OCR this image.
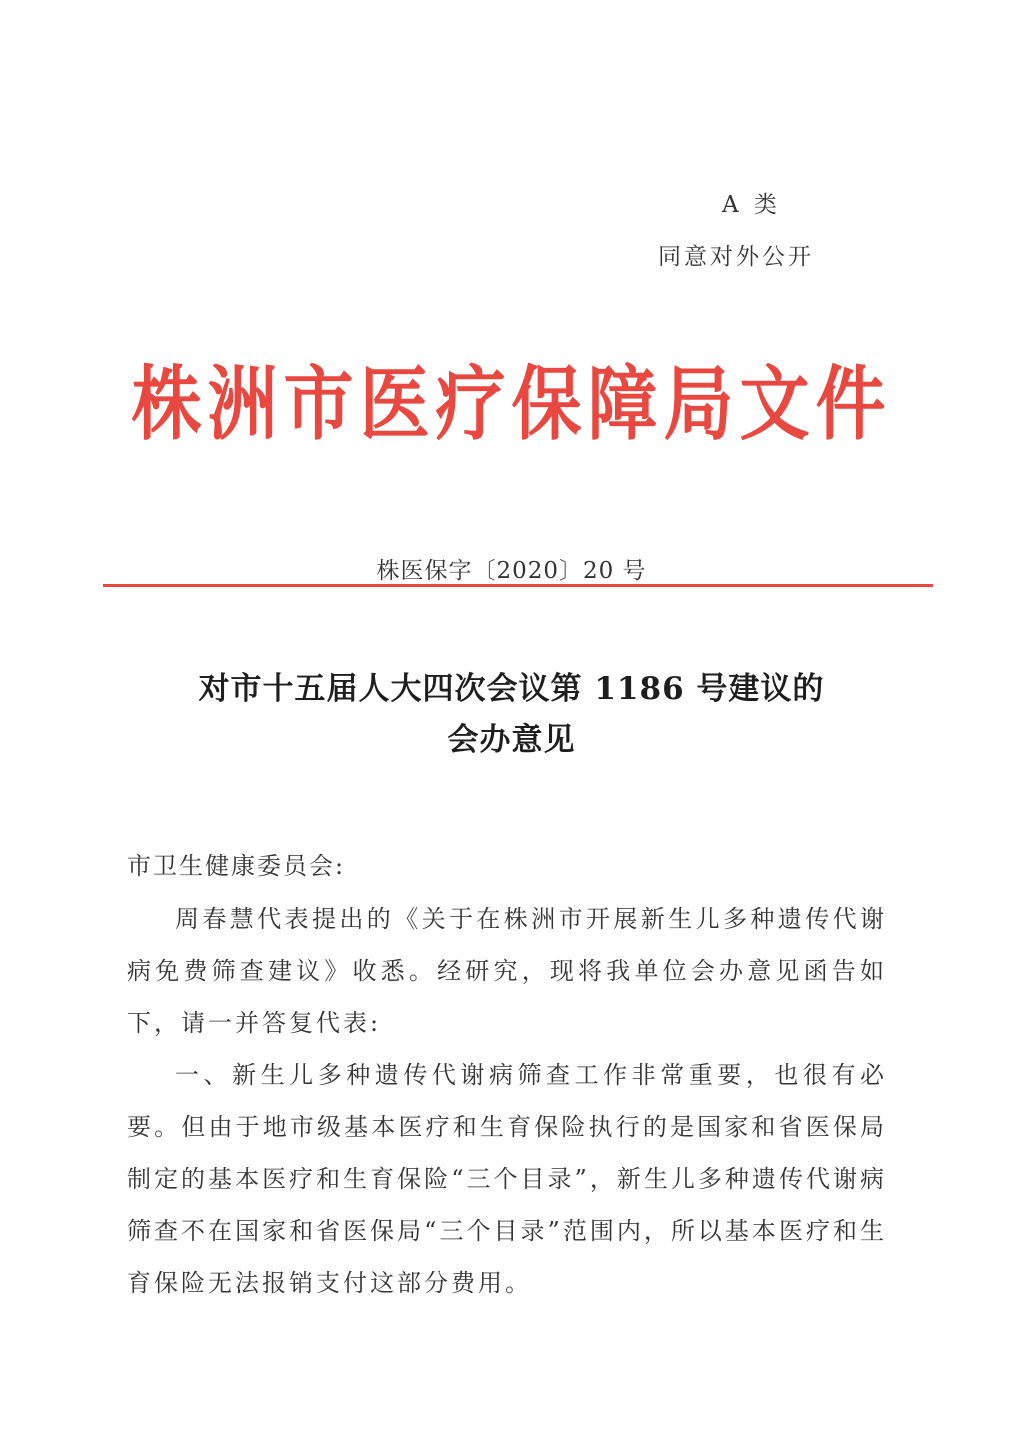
A 类
同意对外公开
株洲市医疗保障局文件
株医保字〔2020〕20 号
对市十五届人大四次会议第 1186 号建议的
会办意见
市卫生健康委员会:

周春慧代表提出的《关于在株洲市开展新生儿多种遗传代谢病免费筛查建议》收悉。经研究，现将我单位会办意见函告如下，请一并答复代表:

一、新生儿多种遗传代谢病筛查工作非常重要，也很有必要。但由于地市级基本医疗和生育保险执行的是国家和省医保局制定的基本医疗和生育保险“三个目录”，新生儿多种遗传代谢病筛查不在国家和省医保局“三个目录”范围内，所以基本医疗和生育保险无法报销支付这部分费用。
